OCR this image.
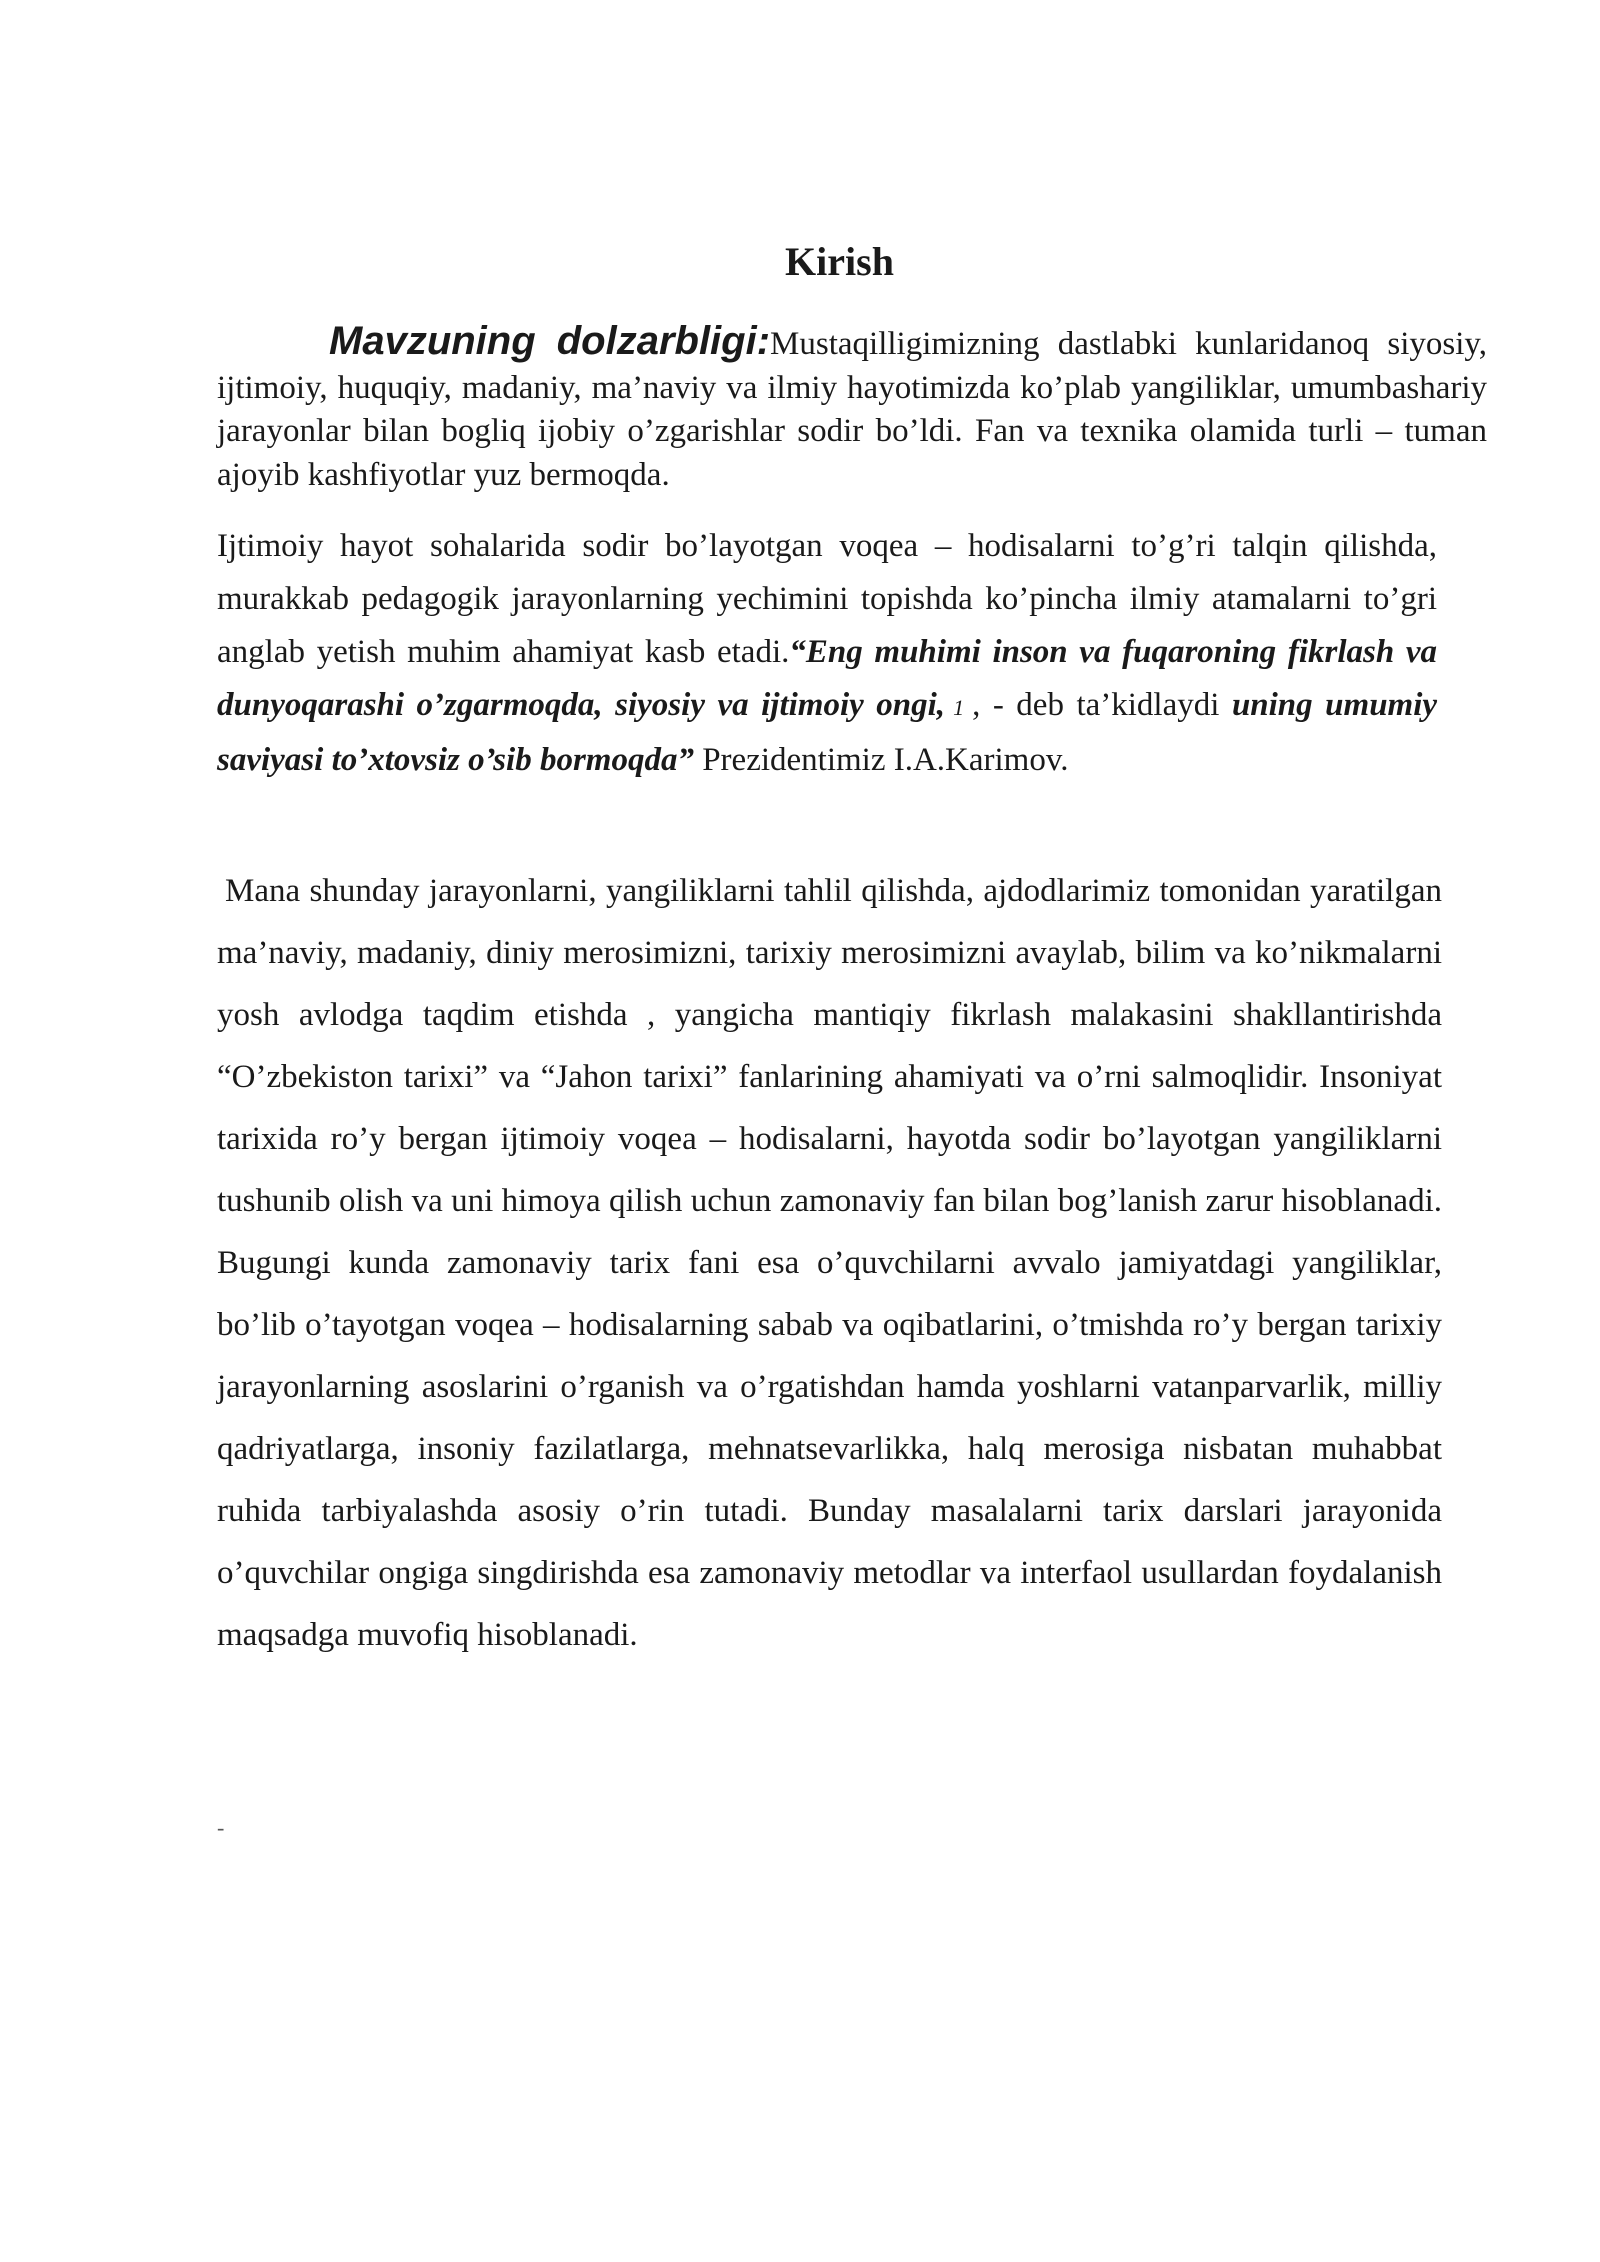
Kirish

Mavzuning dolzarbligi:Mustaqilligimizning dastlabki kunlaridanoq siyosiy, ijtimoiy, huquqiy, madaniy, ma’naviy va ilmiy hayotimizda ko’plab yangiliklar, umumbashariy jarayonlar bilan bogliq ijobiy o’zgarishlar sodir bo’ldi. Fan va texnika olamida turli – tuman ajoyib kashfiyotlar yuz bermoqda.

Ijtimoiy hayot sohalarida sodir bo’layotgan voqea – hodisalarni to’g’ri talqin qilishda, murakkab pedagogik jarayonlarning yechimini topishda ko’pincha ilmiy atamalarni to’gri anglab yetish muhim ahamiyat kasb etadi.“Eng muhimi inson va fuqaroning fikrlash va dunyoqarashi o’zgarmoqda, siyosiy va ijtimoiy ongi, 1 , - deb ta’kidlaydi uning umumiy saviyasi to’xtovsiz o’sib bormoqda” Prezidentimiz I.A.Karimov.

Mana shunday jarayonlarni, yangiliklarni tahlil qilishda, ajdodlarimiz tomonidan yaratilgan ma’naviy, madaniy, diniy merosimizni, tarixiy merosimizni avaylab, bilim va ko’nikmalarni yosh avlodga taqdim etishda , yangicha mantiqiy fikrlash malakasini shakllantirishda “O’zbekiston tarixi” va “Jahon tarixi” fanlarining ahamiyati va o’rni salmoqlidir. Insoniyat tarixida ro’y bergan ijtimoiy voqea – hodisalarni, hayotda sodir bo’layotgan yangiliklarni tushunib olish va uni himoya qilish uchun zamonaviy fan bilan bog’lanish zarur hisoblanadi. Bugungi kunda zamonaviy tarix fani esa o’quvchilarni avvalo jamiyatdagi yangiliklar, bo’lib o’tayotgan voqea – hodisalarning sabab va oqibatlarini, o’tmishda ro’y bergan tarixiy jarayonlarning asoslarini o’rganish va o’rgatishdan hamda yoshlarni vatanparvarlik, milliy qadriyatlarga, insoniy fazilatlarga, mehnatsevarlikka, halq merosiga nisbatan muhabbat ruhida tarbiyalashda asosiy o’rin tutadi. Bunday masalalarni tarix darslari jarayonida o’quvchilar ongiga singdirishda esa zamonaviy metodlar va interfaol usullardan foydalanish maqsadga muvofiq hisoblanadi.

-
